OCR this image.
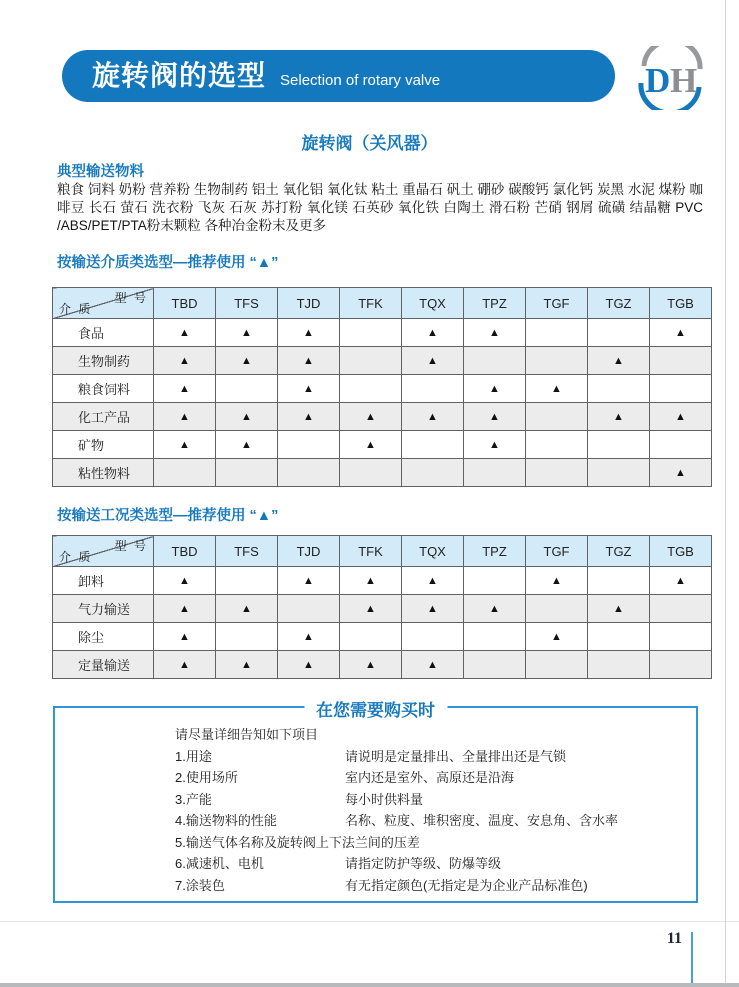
旋转阀的选型 Selection of rotary valve	D H
旋转阀（关风器）
典型输送物料
粮食 饲料 奶粉 营养粉 生物制药 铝土 氧化铝 氧化钛 粘土 重晶石 矾土 硼砂 碳酸钙 氯化钙 炭黑 水泥 煤粉 咖啡豆 长石 萤石 洗衣粉 飞灰 石灰 苏打粉 氧化镁 石英砂 氧化铁 白陶土 滑石粉 芒硝 钢屑 硫磺 结晶糖 PVC /ABS/PET/PTA粉末颗粒 各种冶金粉末及更多
按输送介质类选型—推荐使用 “▲”
型 号
介 质	TBD	TFS	TJD	TFK	TQX	TPZ	TGF	TGZ	TGB
食品	▲	▲	▲		▲	▲			▲
生物制药	▲	▲	▲		▲			▲	
粮食饲料	▲		▲			▲	▲		
化工产品	▲	▲	▲	▲	▲	▲		▲	▲
矿物	▲	▲		▲		▲			
粘性物料									▲
按输送工况类选型—推荐使用 “▲”
型 号
介 质	TBD	TFS	TJD	TFK	TQX	TPZ	TGF	TGZ	TGB
卸料	▲		▲	▲	▲		▲		▲
气力输送	▲	▲		▲	▲	▲		▲	
除尘	▲		▲				▲		
定量输送	▲	▲	▲	▲	▲				
在您需要购买时
请尽量详细告知如下项目
1.用途	请说明是定量排出、全量排出还是气锁
2.使用场所	室内还是室外、高原还是沿海
3.产能	每小时供料量
4.输送物料的性能	名称、粒度、堆积密度、温度、安息角、含水率
5.输送气体名称及旋转阀上下法兰间的压差
6.减速机、电机	请指定防护等级、防爆等级
7.涂装色	有无指定颜色(无指定是为企业产品标准色)
11
